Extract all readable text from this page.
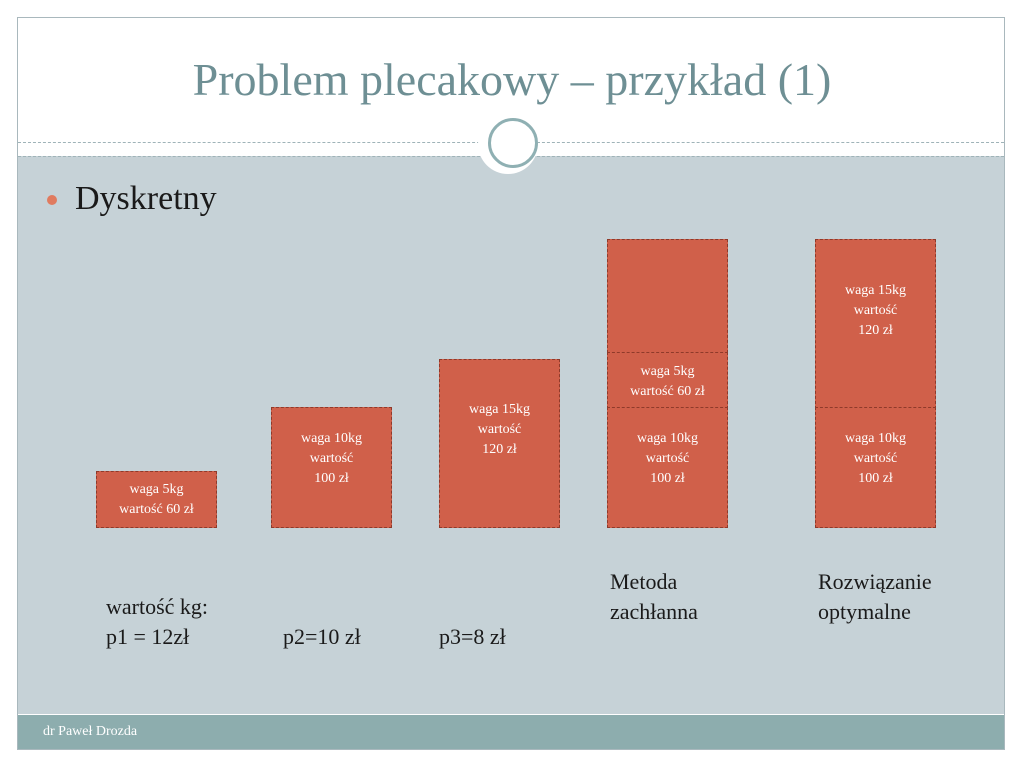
Problem plecakowy – przykład (1)
Dyskretny
waga 5kg
wartość 60 zł
waga 10kg
wartość
100 zł
waga 15kg
wartość
120 zł
waga 5kg
wartość 60 zł
waga 10kg
wartość
100 zł
waga 15kg
wartość
120 zł
waga 10kg
wartość
100 zł
Metoda
zachłanna
Rozwiązanie
optymalne
wartość kg:
p1 = 12zł	p2=10 zł	p3=8 zł
dr Paweł Drozda
